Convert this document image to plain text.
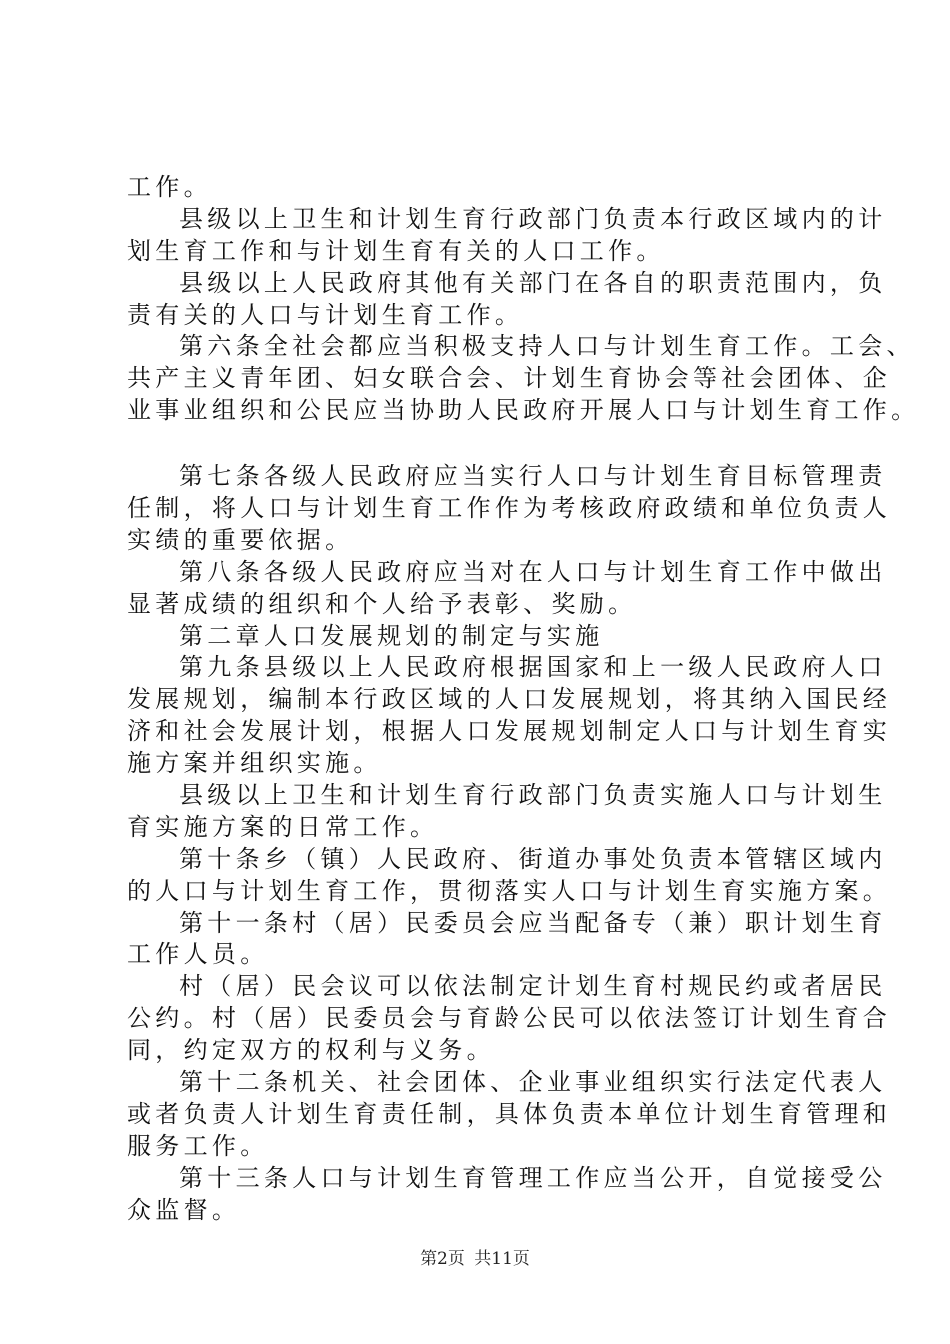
工作。
县级以上卫生和计划生育行政部门负责本行政区域内的计
划生育工作和与计划生育有关的人口工作。
县级以上人民政府其他有关部门在各自的职责范围内，负
责有关的人口与计划生育工作。
第六条全社会都应当积极支持人口与计划生育工作。工会、
共产主义青年团、妇女联合会、计划生育协会等社会团体、企
业事业组织和公民应当协助人民政府开展人口与计划生育工作。
第七条各级人民政府应当实行人口与计划生育目标管理责
任制，将人口与计划生育工作作为考核政府政绩和单位负责人
实绩的重要依据。
第八条各级人民政府应当对在人口与计划生育工作中做出
显著成绩的组织和个人给予表彰、奖励。
第二章人口发展规划的制定与实施
第九条县级以上人民政府根据国家和上一级人民政府人口
发展规划，编制本行政区域的人口发展规划，将其纳入国民经
济和社会发展计划，根据人口发展规划制定人口与计划生育实
施方案并组织实施。
县级以上卫生和计划生育行政部门负责实施人口与计划生
育实施方案的日常工作。
第十条乡（镇）人民政府、街道办事处负责本管辖区域内
的人口与计划生育工作，贯彻落实人口与计划生育实施方案。
第十一条村（居）民委员会应当配备专（兼）职计划生育
工作人员。
村（居）民会议可以依法制定计划生育村规民约或者居民
公约。村（居）民委员会与育龄公民可以依法签订计划生育合
同，约定双方的权利与义务。
第十二条机关、社会团体、企业事业组织实行法定代表人
或者负责人计划生育责任制，具体负责本单位计划生育管理和
服务工作。
第十三条人口与计划生育管理工作应当公开，自觉接受公
众监督。
第2页 共11页
